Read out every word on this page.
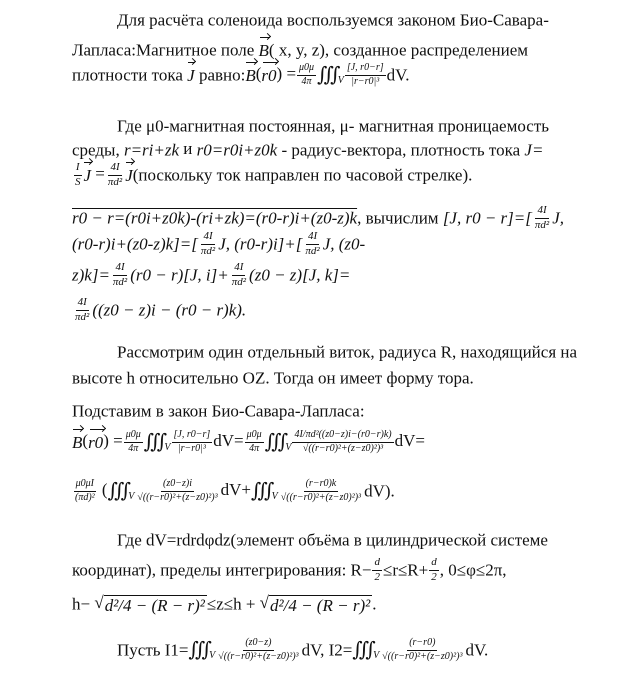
Для расчёта соленоида воспользуемся законом Био-Савара-
Лапласа:Магнитное поле B( x, y, z), созданное распределением
плотности тока J равно:B(r0) = $\frac{\mu 0\mu}{4\pi}$ $∭_V \frac{[J, r0-r]}{\text{|r−r0|³}}$ dV.
Где μ0-магнитная постоянная, μ- магнитная проницаемость
среды, r=ri+zk и r0=r0i+z0k - радиус-вектора, плотность тока J=
$\frac{I}{S}$ $J = \frac{4I}{\text{πd²}}$ J(поскольку ток направлен по часовой стрелке).
r0 − r=(r0i+z0k)-(ri+zk)=(r0-r)i+(z0-z)k, вычислим [J, $r0 - r]=[ \frac{4I}{\text{πd²}} J$,
$(r0-r)i+(z0-z)k]=[ \frac{4I}{\text{πd²}} J$, $(r0-r)i]+[ \frac{4I}{\text{πd²}} J$, (z0-
$z)k]= \frac{4I}{\text{πd²}} (r0 - r)[J$, $i]+ \frac{4I}{\text{πd²}} (z0 - z)[J$, k]=
$\frac{4I}{\text{πd²}} ((z0 - z)i - (r0 - r)k)$.
Рассмотрим один отдельный виток, радиуса R, находящийся на
высоте h относительно OZ. Тогда он имеет форму тора.
Подставим в закон Био-Савара-Лапласа:
$B(r0) = \frac{\mu 0\mu}{4\pi}$ $∭_V \frac{[J, r0-r]}{\text{|r−r0|³}} dV= \frac{\mu 0\mu}{4\pi}$ $∭_V \frac{\text{4I/πd²((z0−z)i−(r0−r)k)}}{\text{√((r−r0)²+(z−z0)²)³}} dV=$
$\frac{\mu 0\mu I}{\text{(πd)²}}$ ($∭_V \frac{(z0-z)i}{\text{√((r−r0)²+(z−z0)²)³}}$ $dV+∭_V \frac{(r-r0)k}{\text{√((r−r0)²+(z−z0)²)³}} dV$).
Где dV=rdrdφdz(элемент объёма в цилиндрической системе
координат), пределы интегрирования: $R- \frac{d}{2} \le r\le R+ \frac{d}{2}$ , 0≤φ≤2π,
h− √d²/4 − (R − r)² ≤z≤h + √d²/4 − (R − r)² .
Пусть $I1=∭_V \frac{(z0-z)}{\text{√((r−r0)²+(z−z0)²)³}}$ dV, $I2=∭_V \frac{(r-r0)}{\text{√((r−r0)²+(z−z0)²)³}}$ dV.
